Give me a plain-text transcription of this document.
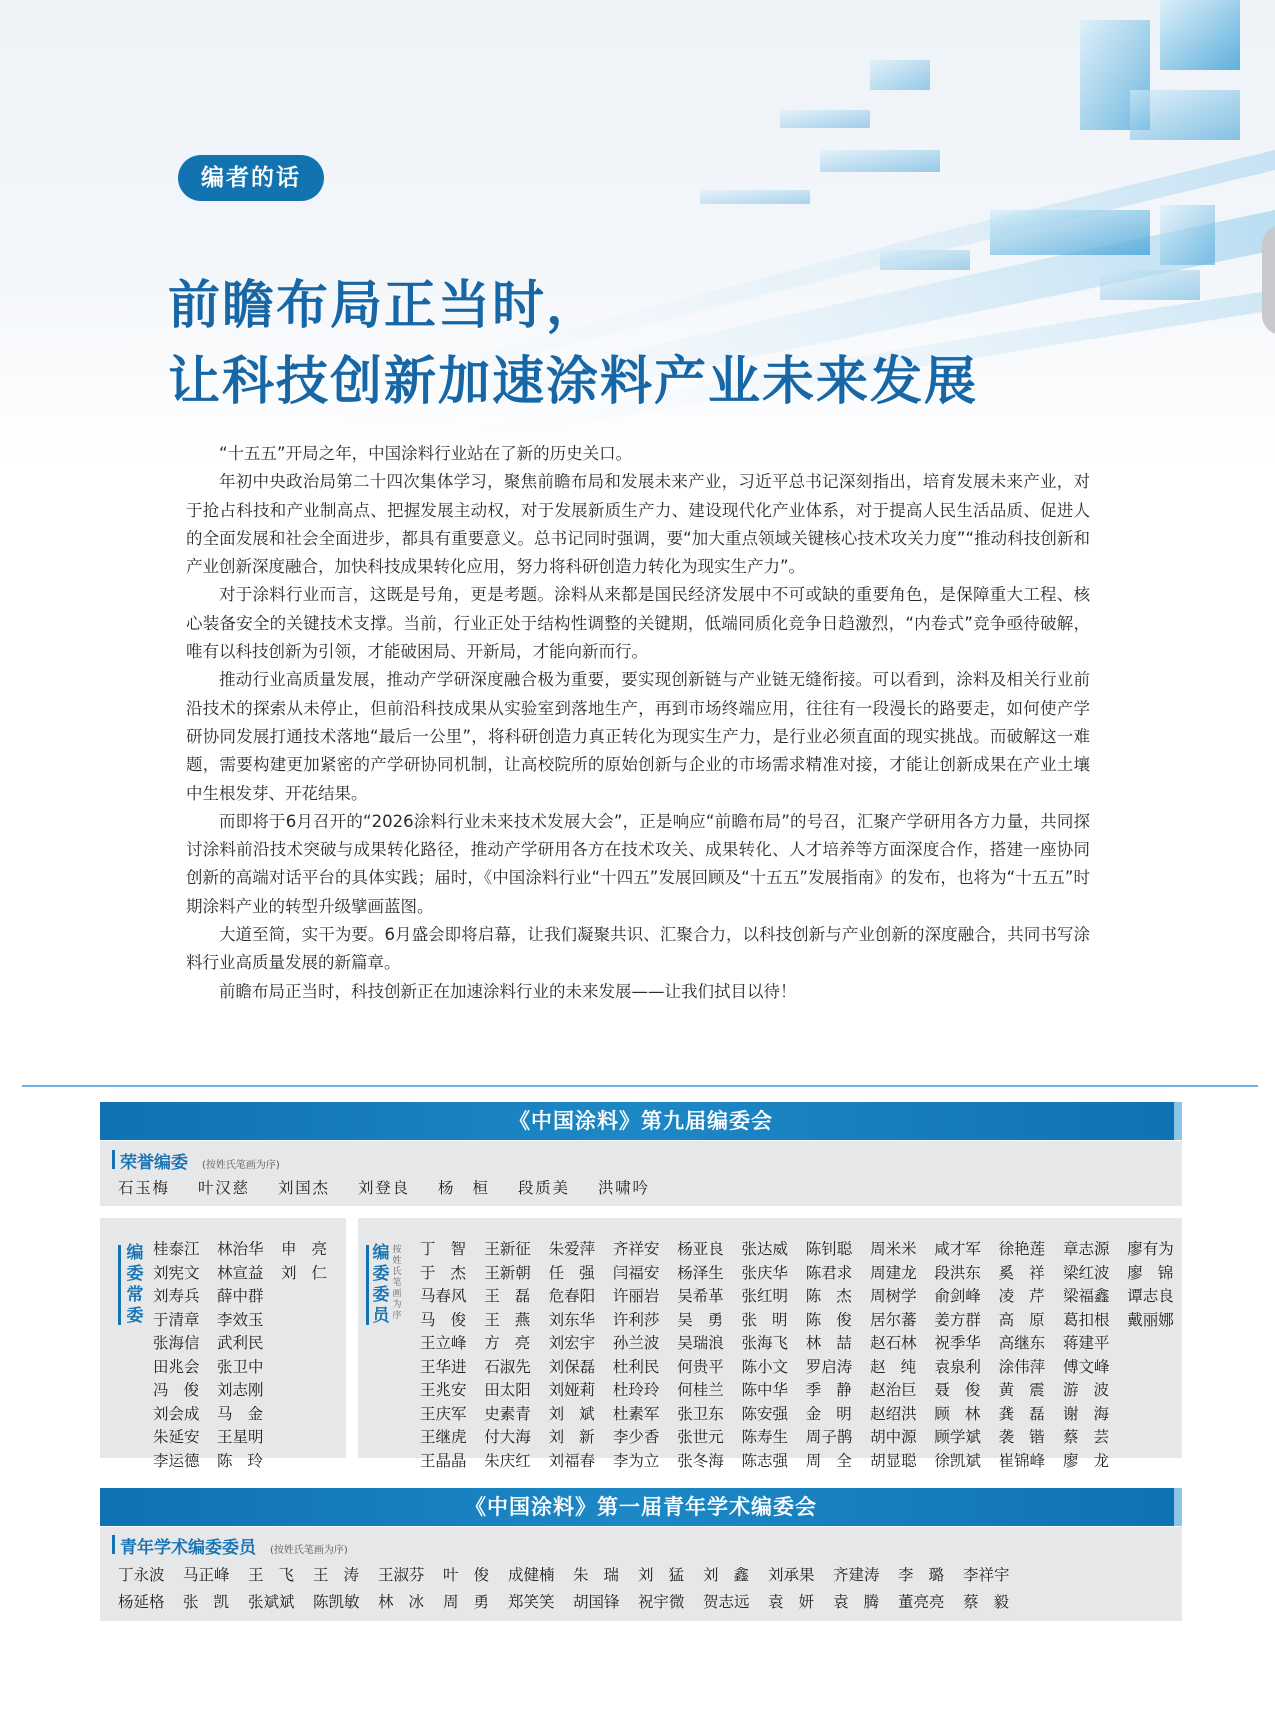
编者的话
前瞻布局正当时，
让科技创新加速涂料产业未来发展

“十五五”开局之年，中国涂料行业站在了新的历史关口。

年初中央政治局第二十四次集体学习，聚焦前瞻布局和发展未来产业，习近平总书记深刻指出，培育发展未来产业，对于抢占科技和产业制高点、把握发展主动权，对于发展新质生产力、建设现代化产业体系，对于提高人民生活品质、促进人的全面发展和社会全面进步，都具有重要意义。总书记同时强调，要“加大重点领域关键核心技术攻关力度”“推动科技创新和产业创新深度融合，加快科技成果转化应用，努力将科研创造力转化为现实生产力”。

对于涂料行业而言，这既是号角，更是考题。涂料从来都是国民经济发展中不可或缺的重要角色，是保障重大工程、核心装备安全的关键技术支撑。当前，行业正处于结构性调整的关键期，低端同质化竞争日趋激烈，“内卷式”竞争亟待破解，唯有以科技创新为引领，才能破困局、开新局，才能向新而行。

推动行业高质量发展，推动产学研深度融合极为重要，要实现创新链与产业链无缝衔接。可以看到，涂料及相关行业前沿技术的探索从未停止，但前沿科技成果从实验室到落地生产，再到市场终端应用，往往有一段漫长的路要走，如何使产学研协同发展打通技术落地“最后一公里”，将科研创造力真正转化为现实生产力，是行业必须直面的现实挑战。而破解这一难题，需要构建更加紧密的产学研协同机制，让高校院所的原始创新与企业的市场需求精准对接，才能让创新成果在产业土壤中生根发芽、开花结果。

而即将于6月召开的“2026涂料行业未来技术发展大会”，正是响应“前瞻布局”的号召，汇聚产学研用各方力量，共同探讨涂料前沿技术突破与成果转化路径，推动产学研用各方在技术攻关、成果转化、人才培养等方面深度合作，搭建一座协同创新的高端对话平台的具体实践；届时，《中国涂料行业“十四五”发展回顾及“十五五”发展指南》的发布，也将为“十五五”时期涂料产业的转型升级擘画蓝图。

大道至简，实干为要。6月盛会即将启幕，让我们凝聚共识、汇聚合力，以科技创新与产业创新的深度融合，共同书写涂料行业高质量发展的新篇章。

前瞻布局正当时，科技创新正在加速涂料行业的未来发展——让我们拭目以待！

《中国涂料》第九届编委会
荣誉编委 (按姓氏笔画为序)
石玉梅 叶汉慈 刘国杰 刘登良 杨桓 段质美 洪啸吟
编
委
常
委
桂泰江 林治华 申亮
刘宪文 林宣益 刘仁
刘寿兵 薛中群
于清章 李效玉
张海信 武利民
田兆会 张卫中
冯俊 刘志刚
刘会成 马金
朱延安 王星明
李运德 陈玲
按
姓
氏
笔
画
为
序
编
委
委
员
丁智 王新征 朱爱萍 齐祥安 杨亚良 张达威 陈钊聪 周米米 咸才军 徐艳莲 章志源 廖有为
于杰 王新朝 任强 闫福安 杨泽生 张庆华 陈君求 周建龙 段洪东 奚祥 梁红波 廖锦
马春风 王磊 危春阳 许丽岩 吴希革 张红明 陈杰 周树学 俞剑峰 凌芹 梁福鑫 谭志良
马俊 王燕 刘东华 许利莎 吴勇 张明 陈俊 居尔蕃 姜方群 高原 葛扣根 戴丽娜
王立峰 方亮 刘宏宇 孙兰波 吴瑞浪 张海飞 林喆 赵石林 祝季华 高继东 蒋建平
王华进 石淑先 刘保磊 杜利民 何贵平 陈小文 罗启涛 赵纯 袁泉利 涂伟萍 傅文峰
王兆安 田太阳 刘娅莉 杜玲玲 何桂兰 陈中华 季静 赵治巨 聂俊 黄震 游波
王庆军 史素青 刘斌 杜素军 张卫东 陈安强 金明 赵绍洪 顾林 龚磊 谢海
王继虎 付大海 刘新 李少香 张世元 陈寿生 周子鹊 胡中源 顾学斌 袭锴 蔡芸
王晶晶 朱庆红 刘福春 李为立 张冬海 陈志强 周全 胡显聪 徐凯斌 崔锦峰 廖龙
《中国涂料》第一届青年学术编委会
青年学术编委委员 (按姓氏笔画为序)
丁永波 马正峰 王飞 王涛 王淑芬 叶俊 成健楠 朱瑞 刘猛 刘鑫 刘承果 齐建涛 李璐 李祥宇
杨延格 张凯 张斌斌 陈凯敏 林冰 周勇 郑笑笑 胡国锋 祝宇微 贺志远 袁妍 袁腾 董亮亮 蔡毅
